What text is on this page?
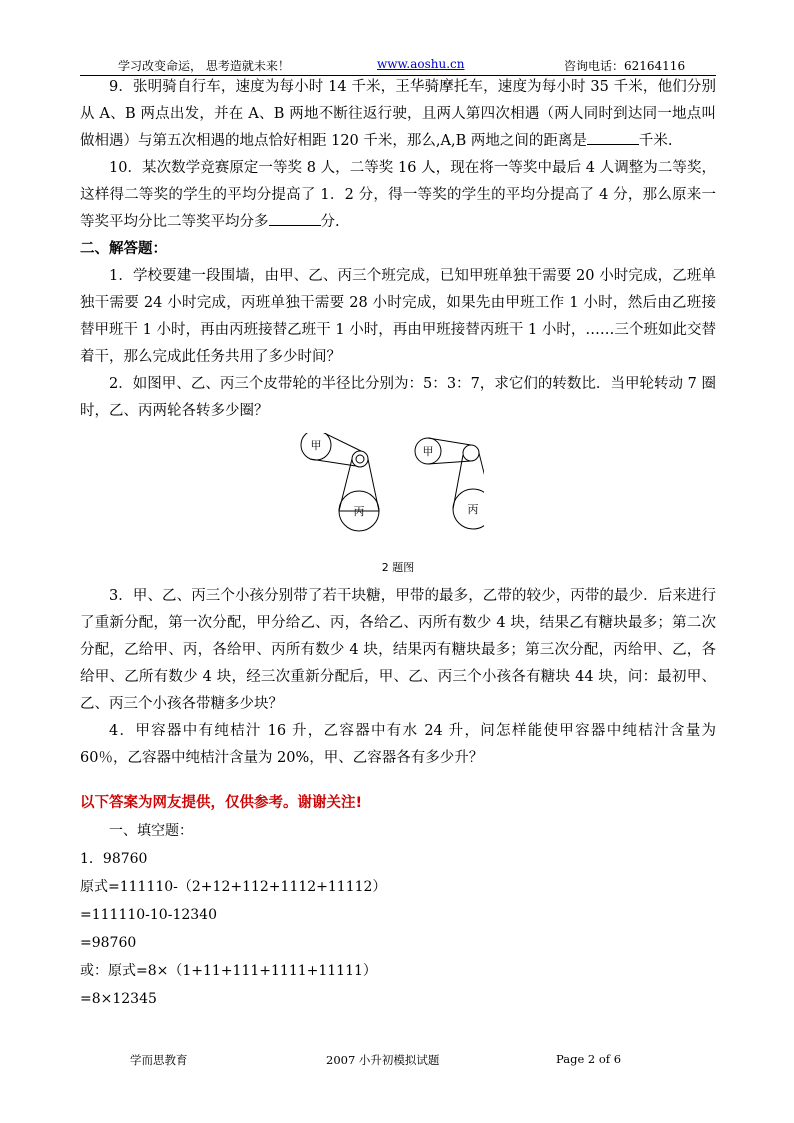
学习改变命运， 思考造就未来！	www.aoshu.cn	咨询电话：62164116

9．张明骑自行车，速度为每小时 14 千米，王华骑摩托车，速度为每小时 35 千米，他们分别从 A、B 两点出发，并在 A、B 两地不断往返行驶，且两人第四次相遇（两人同时到达同一地点叫做相遇）与第五次相遇的地点恰好相距 120 千米，那么,A,B 两地之间的距离是	千米.

10．某次数学竞赛原定一等奖 8 人，二等奖 16 人，现在将一等奖中最后 4 人调整为二等奖，这样得二等奖的学生的平均分提高了 1．2 分，得一等奖的学生的平均分提高了 4 分，那么原来一等奖平均分比二等奖平均分多	分.

二、解答题：

1．学校要建一段围墙，由甲、乙、丙三个班完成，已知甲班单独干需要 20 小时完成，乙班单独干需要 24 小时完成，丙班单独干需要 28 小时完成，如果先由甲班工作 1 小时，然后由乙班接替甲班干 1 小时，再由丙班接替乙班干 1 小时，再由甲班接替丙班干 1 小时，……三个班如此交替着干，那么完成此任务共用了多少时间？

2．如图甲、乙、丙三个皮带轮的半径比分别为：5：3：7，求它们的转数比．当甲轮转动 7 圈时，乙、丙两轮各转多少圈？

甲
丙
甲
丙
2 题图

3．甲、乙、丙三个小孩分别带了若干块糖，甲带的最多，乙带的较少，丙带的最少．后来进行了重新分配，第一次分配，甲分给乙、丙，各给乙、丙所有数少 4 块，结果乙有糖块最多；第二次分配，乙给甲、丙，各给甲、丙所有数少 4 块，结果丙有糖块最多；第三次分配，丙给甲、乙，各给甲、乙所有数少 4 块，经三次重新分配后，甲、乙、丙三个小孩各有糖块 44 块，问：最初甲、乙、丙三个小孩各带糖多少块？

4．甲容器中有纯桔汁 16 升，乙容器中有水 24 升，问怎样能使甲容器中纯桔汁含量为 60％，乙容器中纯桔汁含量为 20%，甲、乙容器各有多少升？

以下答案为网友提供，仅供参考。谢谢关注!

一、填空题：

1．98760

原式=111110-（2+12+112+1112+11112）

=111110-10-12340

=98760

或：原式=8×（1+11+111+1111+11111）

=8×12345

学而思教育	2007 小升初模拟试题	Page 2 of 6
